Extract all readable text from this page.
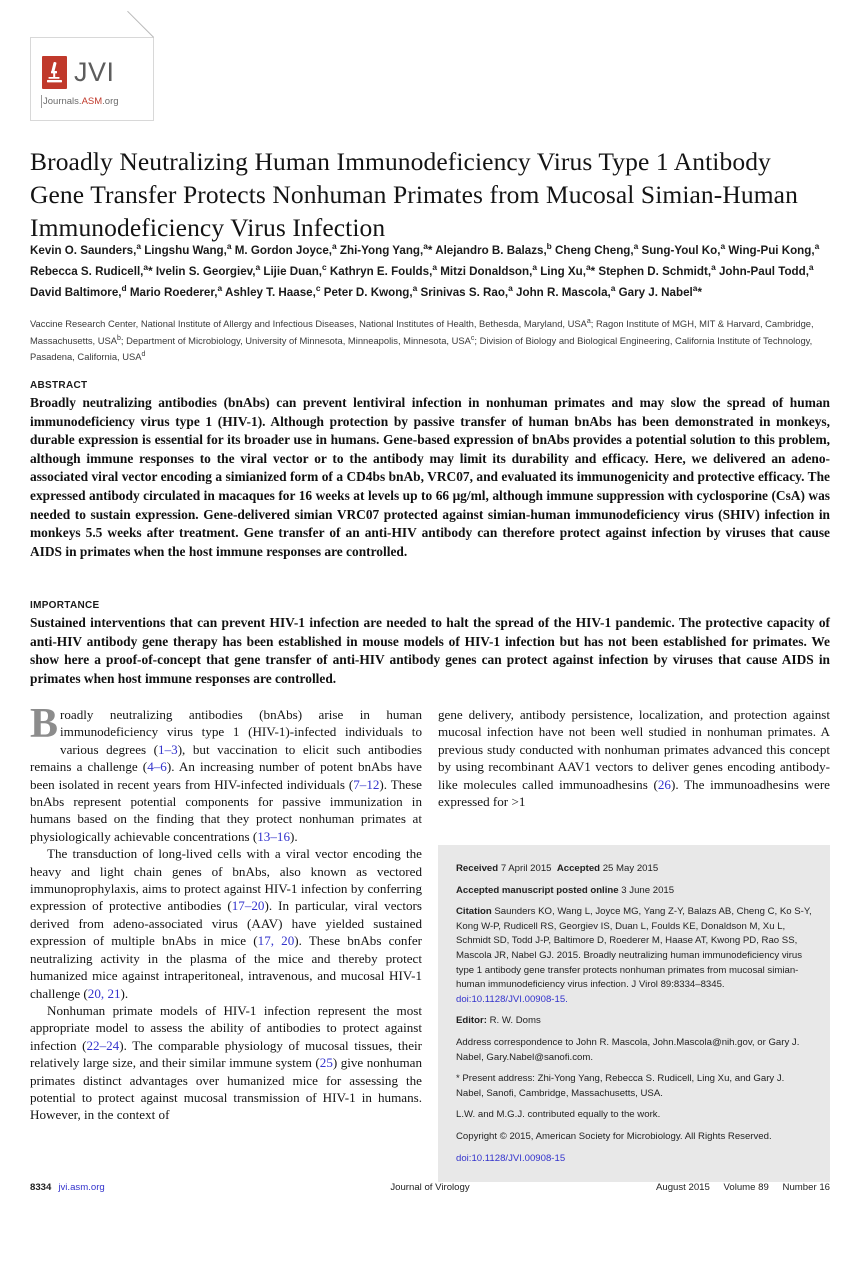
JVI
Journals.ASM.org
Broadly Neutralizing Human Immunodeficiency Virus Type 1 Antibody Gene Transfer Protects Nonhuman Primates from Mucosal Simian-Human Immunodeficiency Virus Infection
Kevin O. Saunders,$^a$ Lingshu Wang,$^a$ M. Gordon Joyce,$^a$ Zhi-Yong Yang,$^a$* Alejandro B. Balazs,$^b$ Cheng Cheng,$^a$ Sung-Youl Ko,$^a$ Wing-Pui Kong,$^a$ Rebecca S. Rudicell,$^a$* Ivelin S. Georgiev,$^a$ Lijie Duan,$^c$ Kathryn E. Foulds,$^a$ Mitzi Donaldson,$^a$ Ling Xu,$^a$* Stephen D. Schmidt,$^a$ John-Paul Todd,$^a$ David Baltimore,$^d$ Mario Roederer,$^a$ Ashley T. Haase,$^c$ Peter D. Kwong,$^a$ Srinivas S. Rao,$^a$ John R. Mascola,$^a$ Gary J. Nabel$^a$*
Vaccine Research Center, National Institute of Allergy and Infectious Diseases, National Institutes of Health, Bethesda, Maryland, USA$^a$; Ragon Institute of MGH, MIT & Harvard, Cambridge, Massachusetts, USA$^b$; Department of Microbiology, University of Minnesota, Minneapolis, Minnesota, USA$^c$; Division of Biology and Biological Engineering, California Institute of Technology, Pasadena, California, USA$^d$
ABSTRACT
Broadly neutralizing antibodies (bnAbs) can prevent lentiviral infection in nonhuman primates and may slow the spread of human immunodeficiency virus type 1 (HIV-1). Although protection by passive transfer of human bnAbs has been demonstrated in monkeys, durable expression is essential for its broader use in humans. Gene-based expression of bnAbs provides a potential solution to this problem, although immune responses to the viral vector or to the antibody may limit its durability and efficacy. Here, we delivered an adeno-associated viral vector encoding a simianized form of a CD4bs bnAb, VRC07, and evaluated its immunogenicity and protective efficacy. The expressed antibody circulated in macaques for 16 weeks at levels up to 66 μg/ml, although immune suppression with cyclosporine (CsA) was needed to sustain expression. Gene-delivered simian VRC07 protected against simian-human immunodeficiency virus (SHIV) infection in monkeys 5.5 weeks after treatment. Gene transfer of an anti-HIV antibody can therefore protect against infection by viruses that cause AIDS in primates when the host immune responses are controlled.
IMPORTANCE
Sustained interventions that can prevent HIV-1 infection are needed to halt the spread of the HIV-1 pandemic. The protective capacity of anti-HIV antibody gene therapy has been established in mouse models of HIV-1 infection but has not been established for primates. We show here a proof-of-concept that gene transfer of anti-HIV antibody genes can protect against infection by viruses that cause AIDS in primates when host immune responses are controlled.

Broadly neutralizing antibodies (bnAbs) arise in human immunodeficiency virus type 1 (HIV-1)-infected individuals to various degrees (1–3), but vaccination to elicit such antibodies remains a challenge (4–6). An increasing number of potent bnAbs have been isolated in recent years from HIV-infected individuals (7–12). These bnAbs represent potential components for passive immunization in humans based on the finding that they protect nonhuman primates at physiologically achievable concentrations (13–16).

The transduction of long-lived cells with a viral vector encoding the heavy and light chain genes of bnAbs, also known as vectored immunoprophylaxis, aims to protect against HIV-1 infection by conferring expression of protective antibodies (17–20). In particular, viral vectors derived from adeno-associated virus (AAV) have yielded sustained expression of multiple bnAbs in mice (17, 20). These bnAbs confer neutralizing activity in the plasma of the mice and thereby protect humanized mice against intraperitoneal, intravenous, and mucosal HIV-1 challenge (20, 21).

Nonhuman primate models of HIV-1 infection represent the most appropriate model to assess the ability of antibodies to protect against infection (22–24). The comparable physiology of mucosal tissues, their relatively large size, and their similar immune system (25) give nonhuman primates distinct advantages over humanized mice for assessing the potential to protect against mucosal transmission of HIV-1 in humans. However, in the context of

gene delivery, antibody persistence, localization, and protection against mucosal infection have not been well studied in nonhuman primates. A previous study conducted with nonhuman primates advanced this concept by using recombinant AAV1 vectors to deliver genes encoding antibody-like molecules called immunoadhesins (26). The immunoadhesins were expressed for >1

Received 7 April 2015 Accepted 25 May 2015

Accepted manuscript posted online 3 June 2015

Citation Saunders KO, Wang L, Joyce MG, Yang Z-Y, Balazs AB, Cheng C, Ko S-Y, Kong W-P, Rudicell RS, Georgiev IS, Duan L, Foulds KE, Donaldson M, Xu L, Schmidt SD, Todd J-P, Baltimore D, Roederer M, Haase AT, Kwong PD, Rao SS, Mascola JR, Nabel GJ. 2015. Broadly neutralizing human immunodeficiency virus type 1 antibody gene transfer protects nonhuman primates from mucosal simian-human immunodeficiency virus infection. J Virol 89:8334–8345. doi:10.1128/JVI.00908-15.

Editor: R. W. Doms

Address correspondence to John R. Mascola, John.Mascola@nih.gov, or Gary J. Nabel, Gary.Nabel@sanofi.com.

* Present address: Zhi-Yong Yang, Rebecca S. Rudicell, Ling Xu, and Gary J. Nabel, Sanofi, Cambridge, Massachusetts, USA.

L.W. and M.G.J. contributed equally to the work.

Copyright © 2015, American Society for Microbiology. All Rights Reserved.

doi:10.1128/JVI.00908-15

8334 jvi.asm.org	Journal of Virology	August 2015 Volume 89 Number 16
